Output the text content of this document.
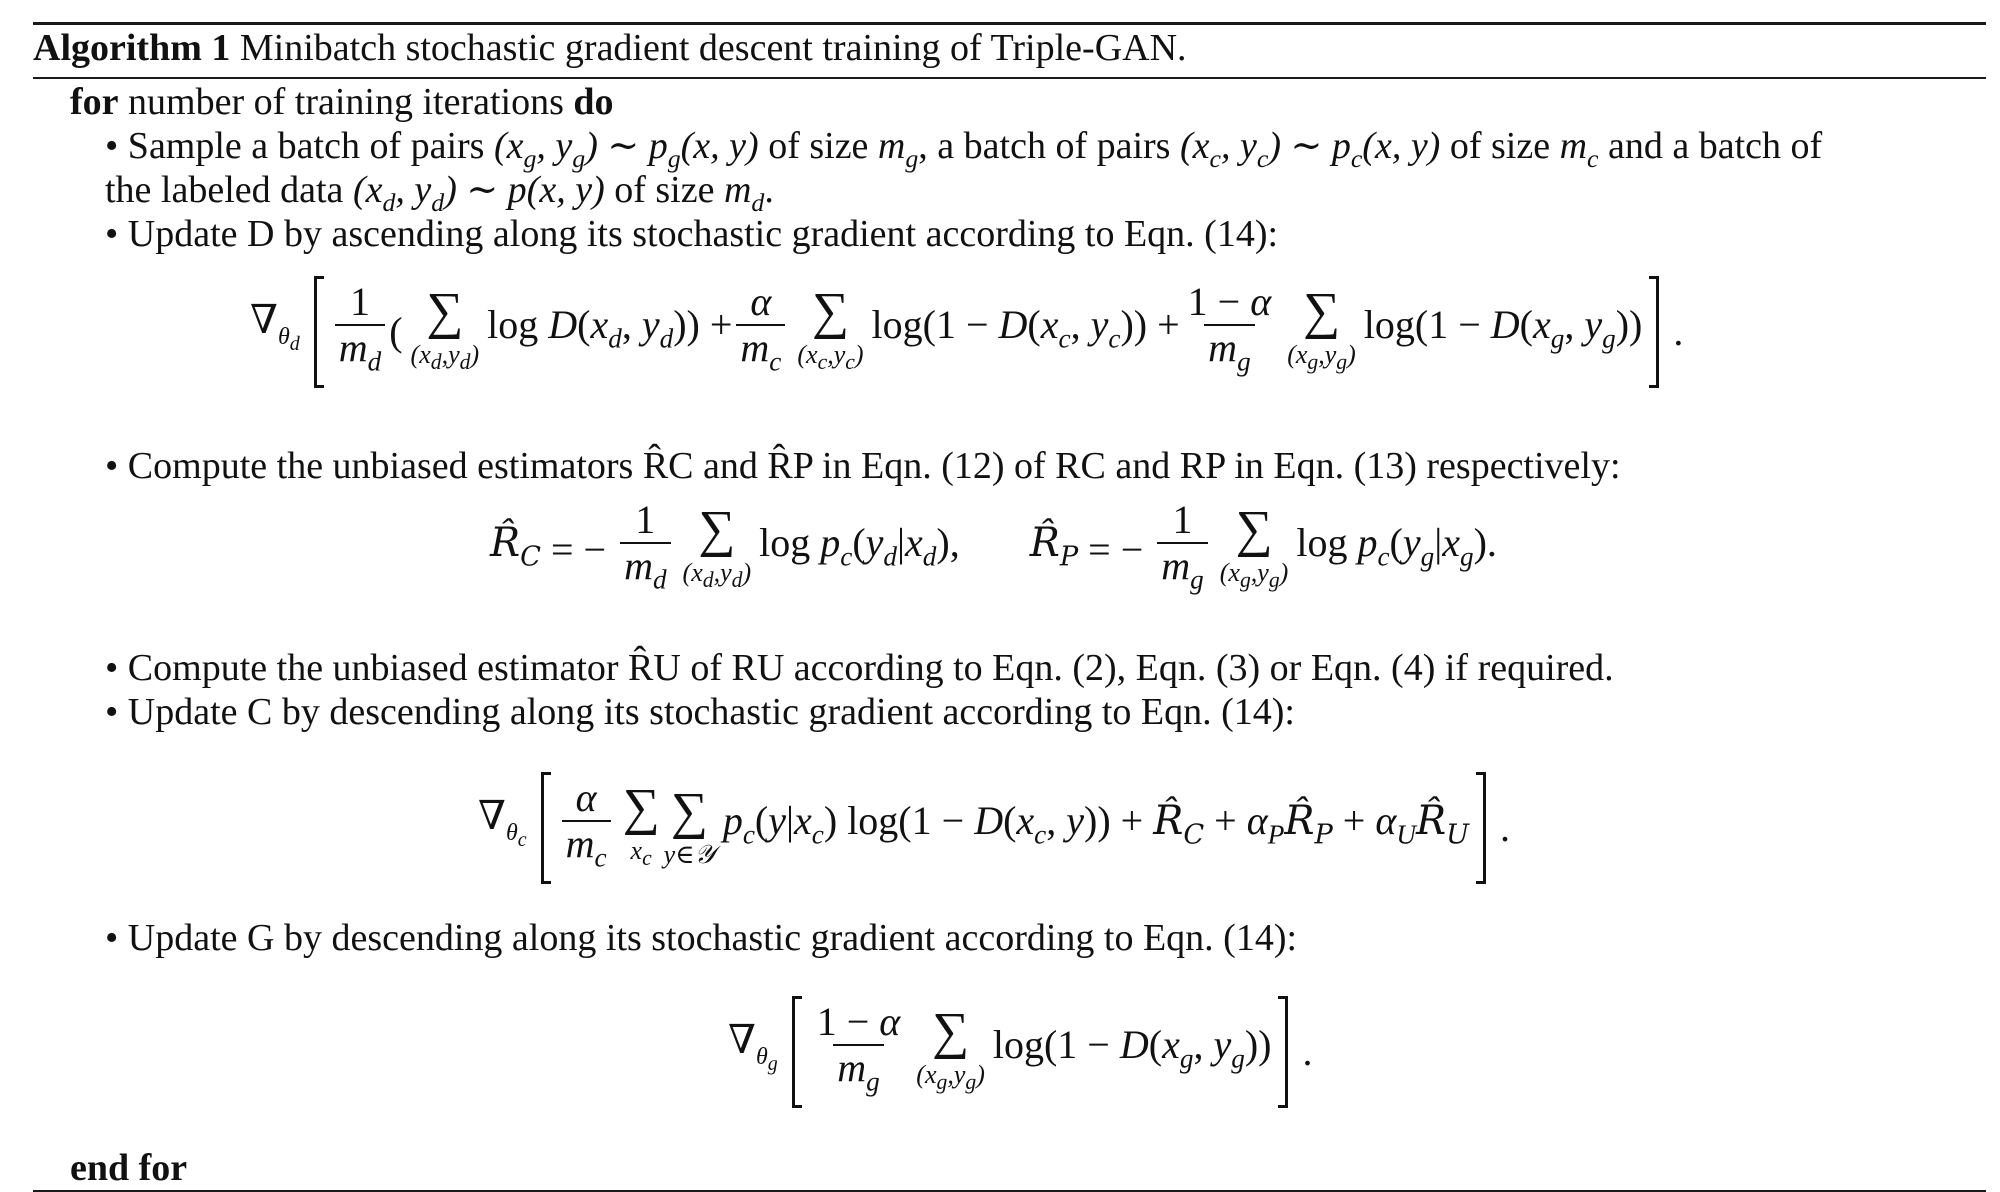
Algorithm 1 Minibatch stochastic gradient descent training of Triple-GAN.
for number of training iterations do
• Sample a batch of pairs ($x_g$, $y_g$) ∼ $p_g(x$, y) of size $m_g$, a batch of pairs ($x_c$, $y_c$) ∼ $p_c(x$, y) of size $m_c$ and a batch of
the labeled data ($x_d$, $y_d$) ∼ p(x, y) of size $m_d$.
• Update D by ascending along its stochastic gradient according to Eqn. (14):
$\nabla_{\theta_d} \frac{1}{m_d}$ ( ∑
$(x_d,y_d)$
$\log D(x_d$, $y_d)) + \frac{\alpha}{m_c}$ ∑
$(x_c,y_c)$
$\log(1 - D(x_c$, $y_c)) + \frac{1 - \alpha}{m_g}$ ∑
$(x_g,y_g)$
$\log(1 - D(x_g$, $y_g$)) .
• Compute the unbiased estimators R̂C and R̂P in Eqn. (12) of RC and RP in Eqn. (13) respectively:
$R̂_C$ = − $\frac{1}{m_d}$ ∑
$(x_d,y_d)$
$\log p_c(y_d|x_d)$, $R̂_P$ = − $\frac{1}{m_g}$ ∑
$(x_g,y_g)$
$\log p_c(y_g|x_g)$.
• Compute the unbiased estimator R̂U of RU according to Eqn. (2), Eqn. (3) or Eqn. (4) if required.
• Update C by descending along its stochastic gradient according to Eqn. (14):
$\nabla_{\theta_c} \frac{\alpha}{m_c}$ ∑
$x_c$
∑
y∈𝒴
$p_c(y|x_c) \log(1 - D(x_c$, $y)) + R̂_C$ + $\alpha_PR̂_P$ + $\alpha_UR̂_U$ .
• Update G by descending along its stochastic gradient according to Eqn. (14):
$\nabla_{\theta_g} \frac{1 - \alpha}{m_g}$ ∑
$(x_g,y_g)$
$\log(1 - D(x_g$, $y_g$)) .
end for
